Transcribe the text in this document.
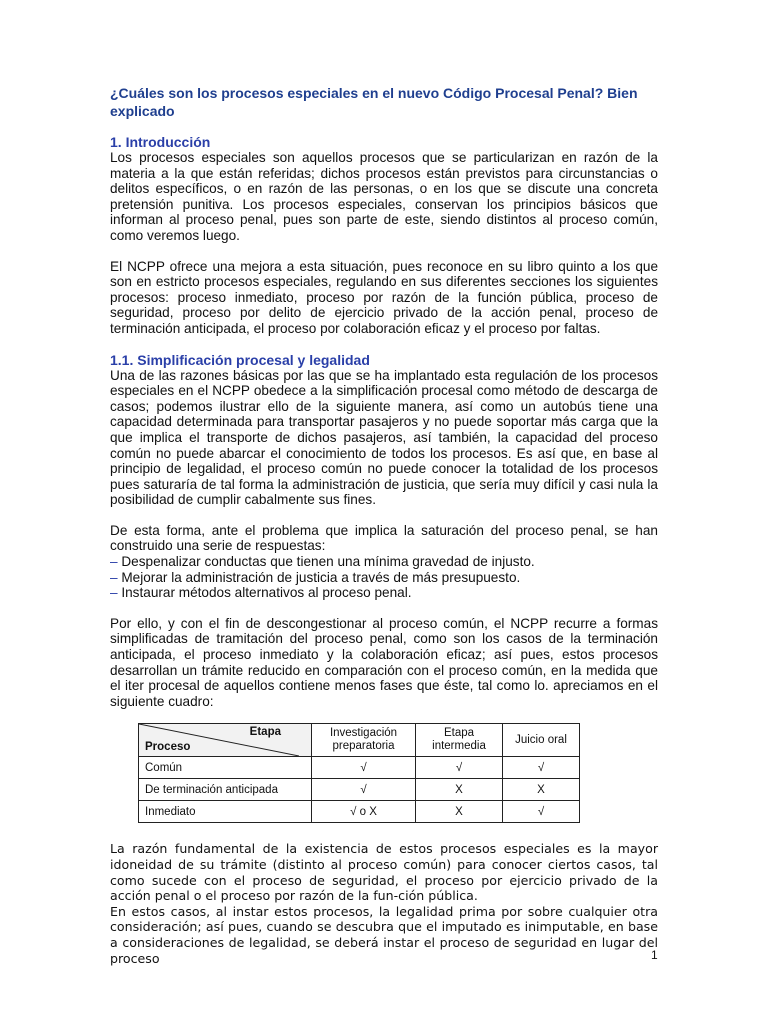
¿Cuáles son los procesos especiales en el nuevo Código Procesal Penal? Bien explicado
1. Introducción

Los procesos especiales son aquellos procesos que se particularizan en razón de la materia a la que están referidas; dichos procesos están previstos para circunstancias o delitos específicos, o en razón de las personas, o en los que se discute una concreta pretensión punitiva. Los procesos especiales, conservan los principios básicos que informan al proceso penal, pues son parte de este, siendo distintos al proceso común, como veremos luego.

El NCPP ofrece una mejora a esta situación, pues reconoce en su libro quinto a los que son en estricto procesos especiales, regulando en sus diferentes secciones los siguientes procesos: proceso inmediato, proceso por razón de la función pública, proceso de seguridad, proceso por delito de ejercicio privado de la acción penal, proceso de terminación anticipada, el proceso por colaboración eficaz y el proceso por faltas.

1.1. Simplificación procesal y legalidad

Una de las razones básicas por las que se ha implantado esta regulación de los procesos especiales en el NCPP obedece a la simplificación procesal como método de descarga de casos; podemos ilustrar ello de la siguiente manera, así como un autobús tiene una capacidad determinada para transportar pasajeros y no puede soportar más carga que la que implica el transporte de dichos pasajeros, así también, la capacidad del proceso común no puede abarcar el conocimiento de todos los procesos. Es así que, en base al principio de legalidad, el proceso común no puede conocer la totalidad de los procesos pues saturaría de tal forma la administración de justicia, que sería muy difícil y casi nula la posibilidad de cumplir cabalmente sus fines.

De esta forma, ante el problema que implica la saturación del proceso penal, se han construido una serie de respuestas:

– Despenalizar conductas que tienen una mínima gravedad de injusto.
– Mejorar la administración de justicia a través de más presupuesto.
– Instaurar métodos alternativos al proceso penal.

Por ello, y con el fin de descongestionar al proceso común, el NCPP recurre a formas simplificadas de tramitación del proceso penal, como son los casos de la terminación anticipada, el proceso inmediato y la colaboración eficaz; así pues, estos procesos desarrollan un trámite reducido en comparación con el proceso común, en la medida que el iter procesal de aquellos contiene menos fases que éste, tal como lo. apreciamos en el siguiente cuadro:

Etapa
Proceso	Investigación preparatoria	Etapa intermedia	Juicio oral
Común	√	√	√
De terminación anticipada	√	X	X
Inmediato	√ o X	X	√

La razón fundamental de la existencia de estos procesos especiales es la mayor idoneidad de su trámite (distinto al proceso común) para conocer ciertos casos, tal como sucede con el proceso de seguridad, el proceso por ejercicio privado de la acción penal o el proceso por razón de la fun-ción pública.

En estos casos, al instar estos procesos, la legalidad prima por sobre cualquier otra consideración; así pues, cuando se descubra que el imputado es inimputable, en base a consideraciones de legalidad, se deberá instar el proceso de seguridad en lugar del proceso	1
